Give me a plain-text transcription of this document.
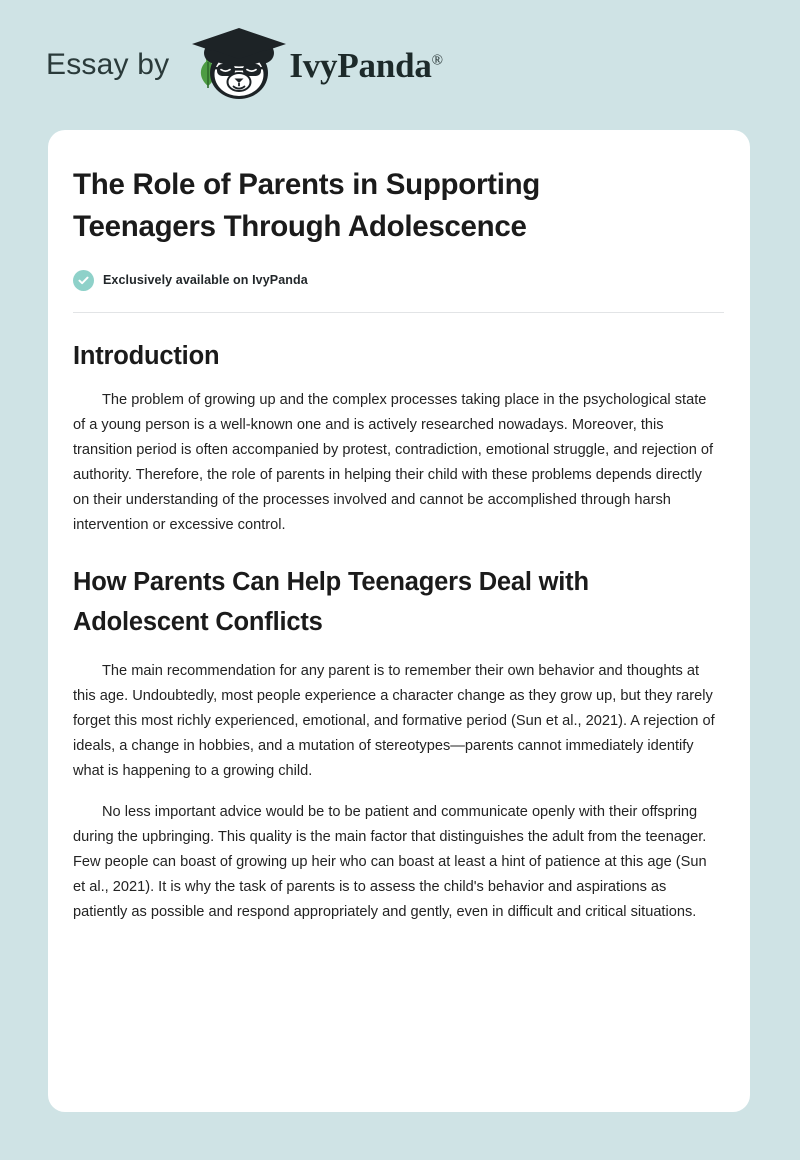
Essay by	IvyPanda®
The Role of Parents in Supporting Teenagers Through Adolescence
Exclusively available on IvyPanda
Introduction

The problem of growing up and the complex processes taking place in the psychological state of a young person is a well-known one and is actively researched nowadays. Moreover, this transition period is often accompanied by protest, contradiction, emotional struggle, and rejection of authority. Therefore, the role of parents in helping their child with these problems depends directly on their understanding of the processes involved and cannot be accomplished through harsh intervention or excessive control.

How Parents Can Help Teenagers Deal with Adolescent Conflicts

The main recommendation for any parent is to remember their own behavior and thoughts at this age. Undoubtedly, most people experience a character change as they grow up, but they rarely forget this most richly experienced, emotional, and formative period (Sun et al., 2021). A rejection of ideals, a change in hobbies, and a mutation of stereotypes—parents cannot immediately identify what is happening to a growing child.

No less important advice would be to be patient and communicate openly with their offspring during the upbringing. This quality is the main factor that distinguishes the adult from the teenager. Few people can boast of growing up heir who can boast at least a hint of patience at this age (Sun et al., 2021). It is why the task of parents is to assess the child's behavior and aspirations as patiently as possible and respond appropriately and gently, even in difficult and critical situations.
